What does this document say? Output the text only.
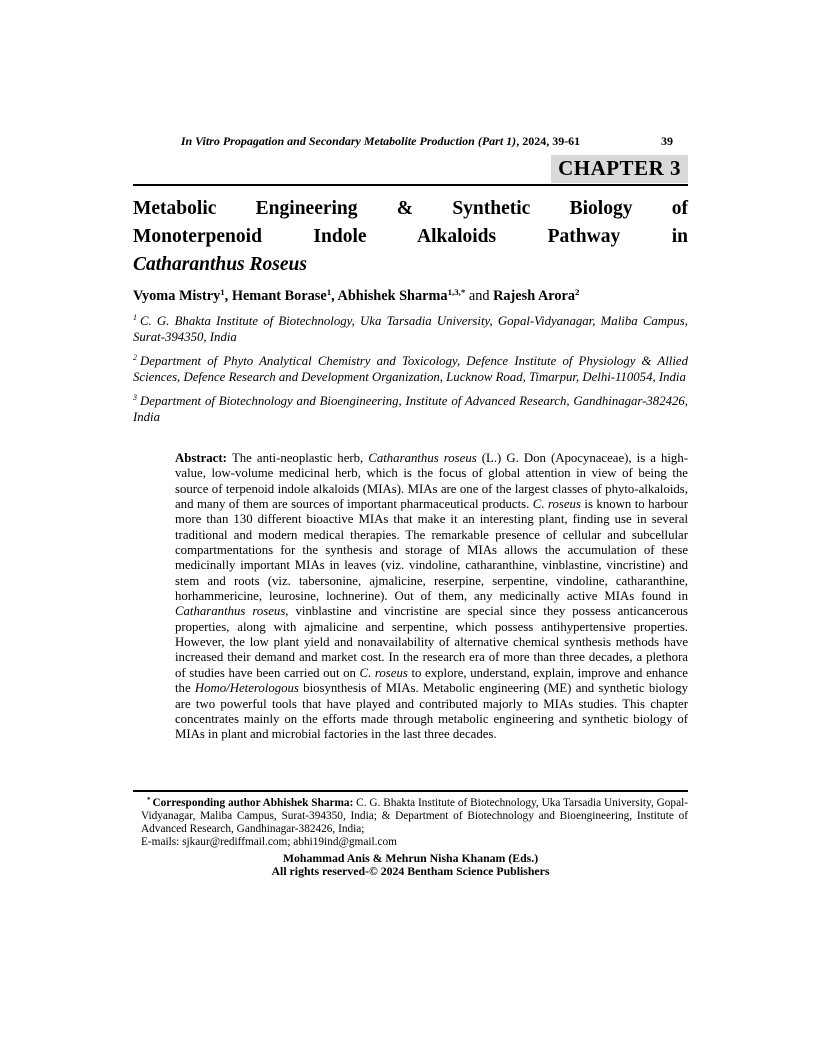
In Vitro Propagation and Secondary Metabolite Production (Part 1), 2024, 39-61	39
CHAPTER 3
Metabolic Engineering & Synthetic Biology of
Monoterpenoid Indole Alkaloids Pathway in
Catharanthus Roseus
Vyoma Mistry$^1$, Hemant Borase$^1$, Abhishek Sharma$^{1,3,*}$ and Rajesh Arora$^2$

$^1$ C. G. Bhakta Institute of Biotechnology, Uka Tarsadia University, Gopal-Vidyanagar, Maliba Campus, Surat-394350, India

$^2$ Department of Phyto Analytical Chemistry and Toxicology, Defence Institute of Physiology & Allied Sciences, Defence Research and Development Organization, Lucknow Road, Timarpur, Delhi-110054, India

$^3$ Department of Biotechnology and Bioengineering, Institute of Advanced Research, Gandhinagar-382426, India

Abstract: The anti-neoplastic herb, Catharanthus roseus (L.) G. Don (Apocynaceae), is a high-value, low-volume medicinal herb, which is the focus of global attention in view of being the source of terpenoid indole alkaloids (MIAs). MIAs are one of the largest classes of phyto-alkaloids, and many of them are sources of important pharmaceutical products. C. roseus is known to harbour more than 130 different bioactive MIAs that make it an interesting plant, finding use in several traditional and modern medical therapies. The remarkable presence of cellular and subcellular compartmentations for the synthesis and storage of MIAs allows the accumulation of these medicinally important MIAs in leaves (viz. vindoline, catharanthine, vinblastine, vincristine) and stem and roots (viz. tabersonine, ajmalicine, reserpine, serpentine, vindoline, catharanthine, horhammericine, leurosine, lochnerine). Out of them, any medicinally active MIAs found in Catharanthus roseus, vinblastine and vincristine are special since they possess anticancerous properties, along with ajmalicine and serpentine, which possess antihypertensive properties. However, the low plant yield and nonavailability of alternative chemical synthesis methods have increased their demand and market cost. In the research era of more than three decades, a plethora of studies have been carried out on C. roseus to explore, understand, explain, improve and enhance the Homo/Heterologous biosynthesis of MIAs. Metabolic engineering (ME) and synthetic biology are two powerful tools that have played and contributed majorly to MIAs studies. This chapter concentrates mainly on the efforts made through metabolic engineering and synthetic biology of MIAs in plant and microbial factories in the last three decades.

* Corresponding author Abhishek Sharma: C. G. Bhakta Institute of Biotechnology, Uka Tarsadia University, Gopal-Vidyanagar, Maliba Campus, Surat-394350, India; & Department of Biotechnology and Bioengineering, Institute of Advanced Research, Gandhinagar-382426, India;

E-mails: sjkaur@rediffmail.com; abhi19ind@gmail.com

Mohammad Anis & Mehrun Nisha Khanam (Eds.)

All rights reserved-© 2024 Bentham Science Publishers
